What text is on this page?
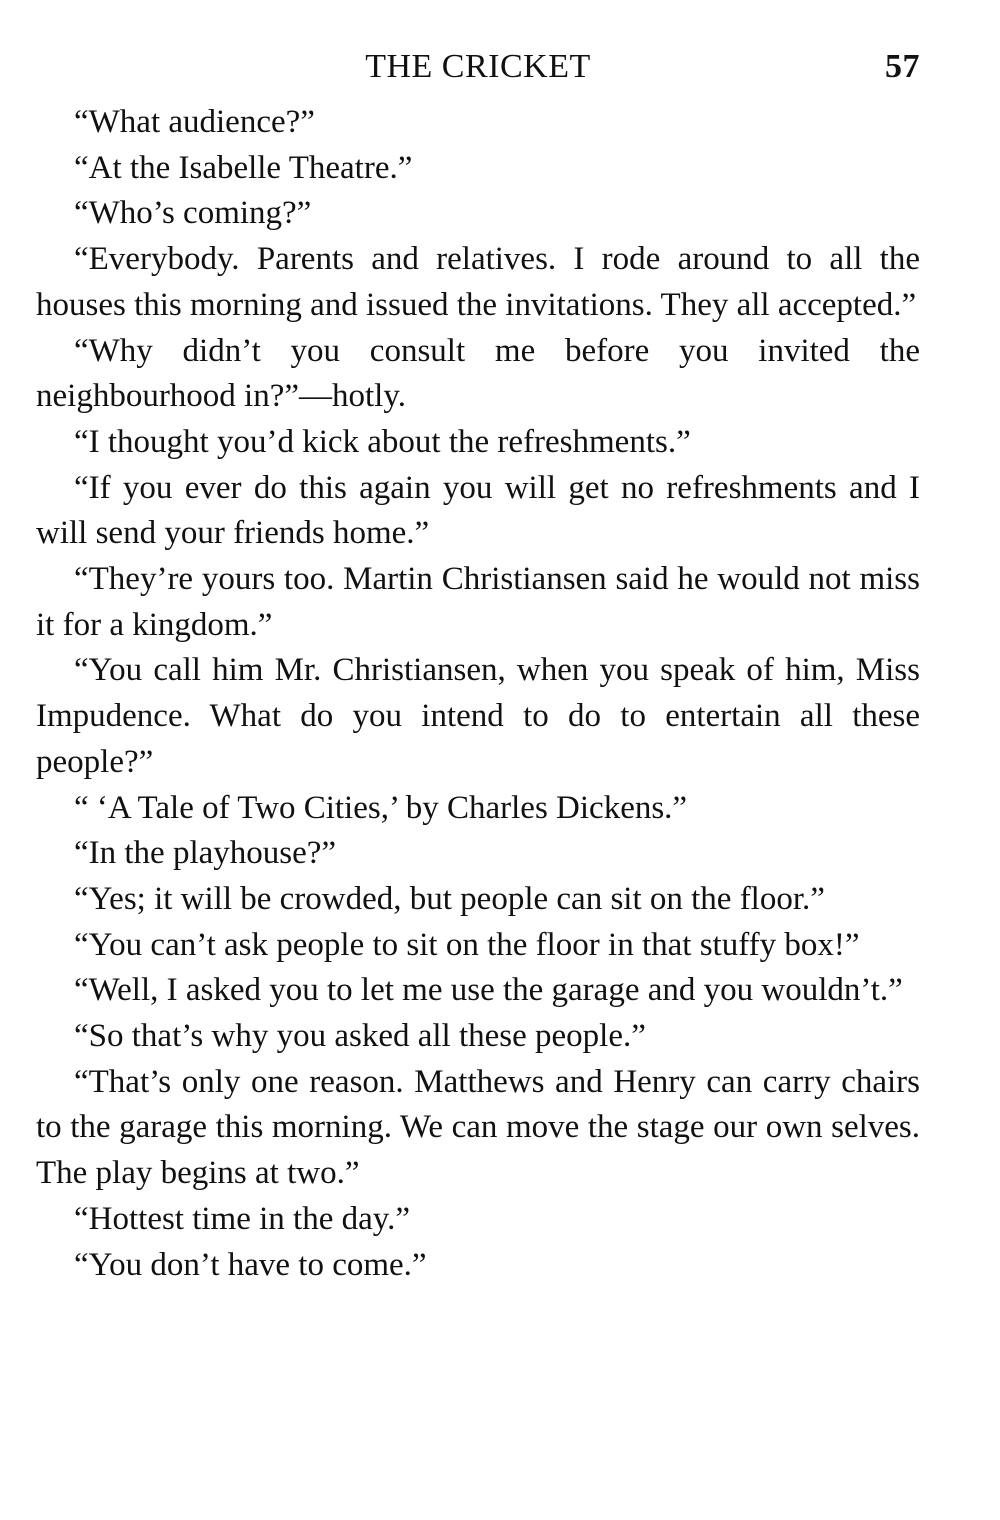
THE CRICKET	57

“What audience?”

“At the Isabelle Theatre.”

“Who’s coming?”

“Everybody. Parents and relatives. I rode around to all the houses this morning and issued the invitations. They all accepted.”

“Why didn’t you consult me before you invited the neighbourhood in?”—hotly.

“I thought you’d kick about the refreshments.”

“If you ever do this again you will get no refreshments and I will send your friends home.”

“They’re yours too. Martin Christiansen said he would not miss it for a kingdom.”

“You call him Mr. Christiansen, when you speak of him, Miss Impudence. What do you intend to do to entertain all these people?”

“ ‘A Tale of Two Cities,’ by Charles Dickens.”

“In the playhouse?”

“Yes; it will be crowded, but people can sit on the floor.”

“You can’t ask people to sit on the floor in that stuffy box!”

“Well, I asked you to let me use the garage and you wouldn’t.”

“So that’s why you asked all these people.”

“That’s only one reason. Matthews and Henry can carry chairs to the garage this morning. We can move the stage our own selves. The play begins at two.”

“Hottest time in the day.”

“You don’t have to come.”
